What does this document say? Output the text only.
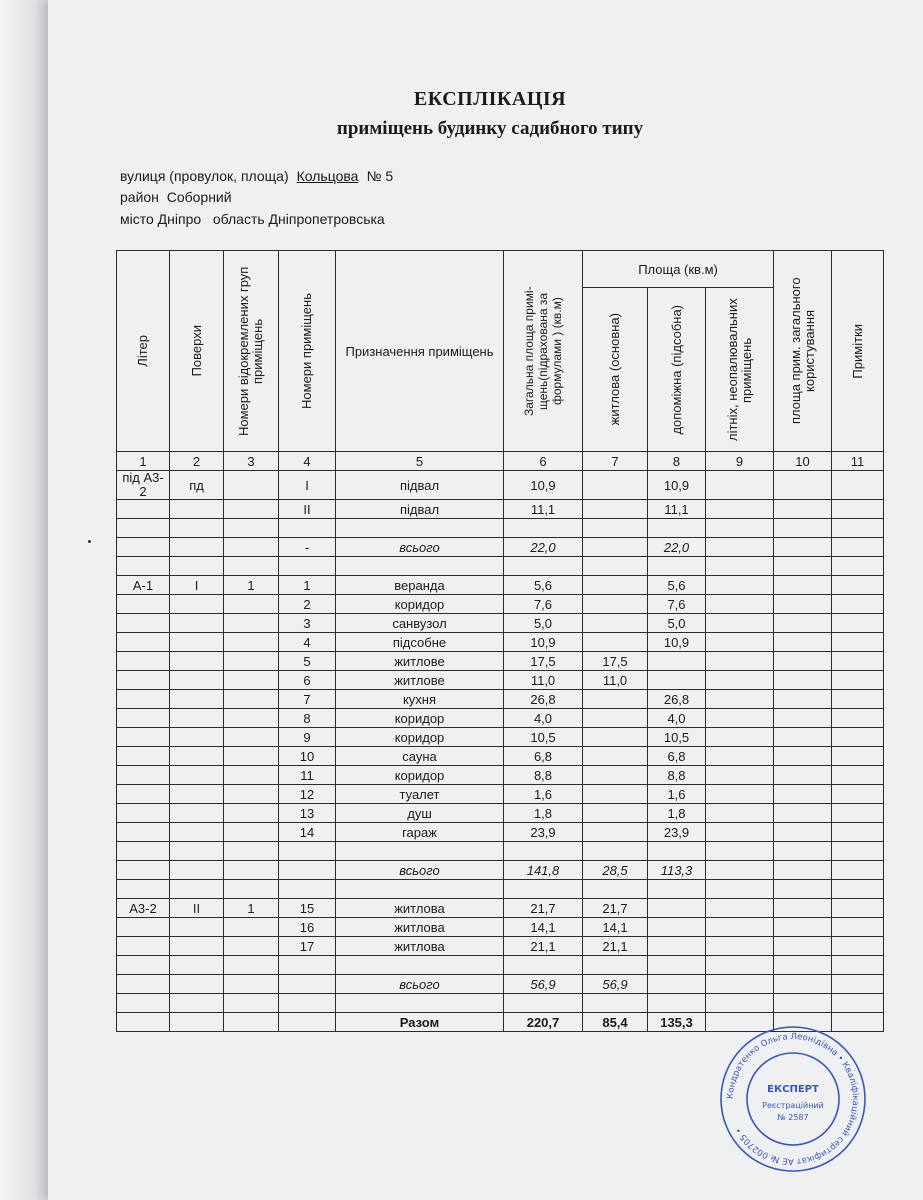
ЕКСПЛІКАЦІЯ
приміщень будинку садибного типу
вулиця (провулок, площа) Кольцова № 5
район Соборний
місто Дніпро область Дніпропетровська
Літер	Поверхи	Номери відокремлених груп приміщень	Номери приміщень	Призначення приміщень	Загальна площа примі-щень(підрахована за формулами ) (кв.м)	Площа (кв.м)			площа прим. загального користування	Примітки

						житлова (основна)	допоміжна (підсобна)	літніх, неопалювальних приміщень		

1	2	3	4	5	6	7	8	9	10	11
під А3-2	пд		I	підвал	10,9		10,9			
			II	підвал	11,1		11,1			

			-	всього	22,0		22,0			

А-1	I	1	1	веранда	5,6		5,6			
			2	коридор	7,6		7,6			
			3	санвузол	5,0		5,0			
			4	підсобне	10,9		10,9			
			5	житлове	17,5	17,5				
			6	житлове	11,0	11,0				
			7	кухня	26,8		26,8			
			8	коридор	4,0		4,0			
			9	коридор	10,5		10,5			
			10	сауна	6,8		6,8			
			11	коридор	8,8		8,8			
			12	туалет	1,6		1,6			
			13	душ	1,8		1,8			
			14	гараж	23,9		23,9			

				всього	141,8	28,5	113,3			

А3-2	II	1	15	житлова	21,7	21,7				
			16	житлова	14,1	14,1				
			17	житлова	21,1	21,1				

				всього	56,9	56,9				

				Разом	220,7	85,4	135,3			
Кондратенко Ольга Леонідівна • Кваліфікаційний сертифікат АЕ № 002705 •
ЕКСПЕРТ
Реєстраційний
№ 2587
